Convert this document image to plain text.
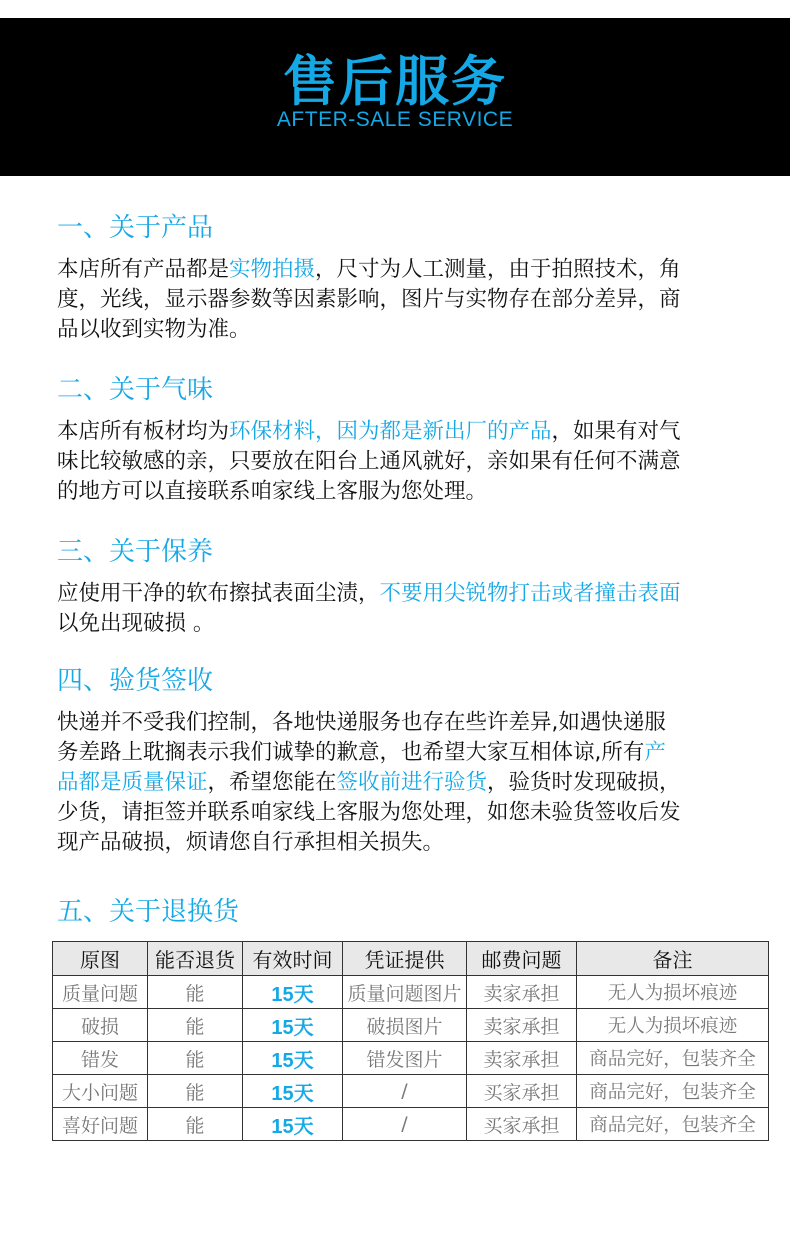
售后服务
AFTER-SALE SERVICE
一、关于产品
本店所有产品都是实物拍摄，尺寸为人工测量，由于拍照技术，角
度，光线，显示器参数等因素影响，图片与实物存在部分差异，商
品以收到实物为准。
二、关于气味
本店所有板材均为环保材料，因为都是新出厂的产品，如果有对气
味比较敏感的亲，只要放在阳台上通风就好，亲如果有任何不满意
的地方可以直接联系咱家线上客服为您处理。
三、关于保养
应使用干净的软布擦拭表面尘渍，不要用尖锐物打击或者撞击表面
以免出现破损 。
四、验货签收
快递并不受我们控制，各地快递服务也存在些许差异,如遇快递服
务差路上耽搁表示我们诚挚的歉意，也希望大家互相体谅,所有产
品都是质量保证，希望您能在签收前进行验货，验货时发现破损，
少货，请拒签并联系咱家线上客服为您处理，如您未验货签收后发
现产品破损，烦请您自行承担相关损失。
五、关于退换货
原图	能否退货	有效时间	凭证提供	邮费问题	备注
质量问题	能	15天	质量问题图片	卖家承担	无人为损坏痕迹
破损	能	15天	破损图片	卖家承担	无人为损坏痕迹
错发	能	15天	错发图片	卖家承担	商品完好，包装齐全
大小问题	能	15天	/	买家承担	商品完好，包装齐全
喜好问题	能	15天	/	买家承担	商品完好，包装齐全
